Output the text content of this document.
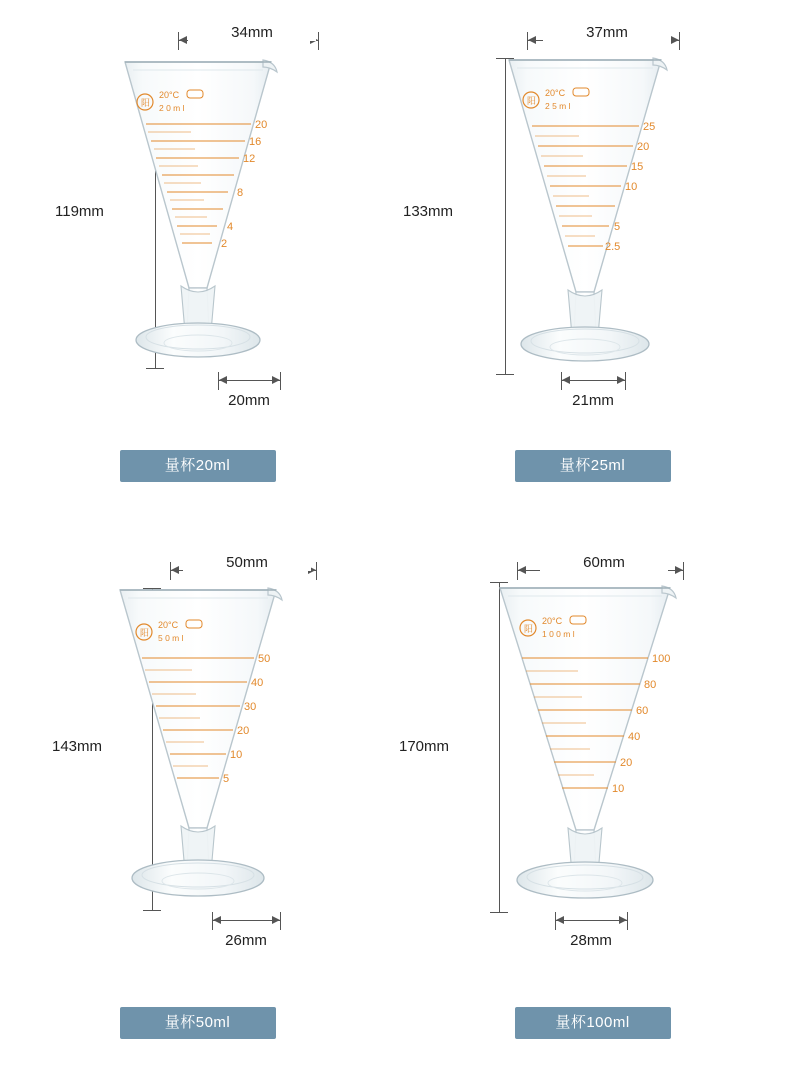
34mm
119mm
阳
20°C
2 0 m l
20
16
12
8
4
2
20mm
量杯20ml
37mm
133mm
阳
20°C
2 5 m l
25
20
15
10
5
2.5
21mm
量杯25ml
50mm
143mm
阳
20°C
5 0 m l
50
40
30
20
10
5
26mm
量杯50ml
60mm
170mm
阳
20°C
1 0 0 m l
100
80
60
40
20
10
28mm
量杯100ml
